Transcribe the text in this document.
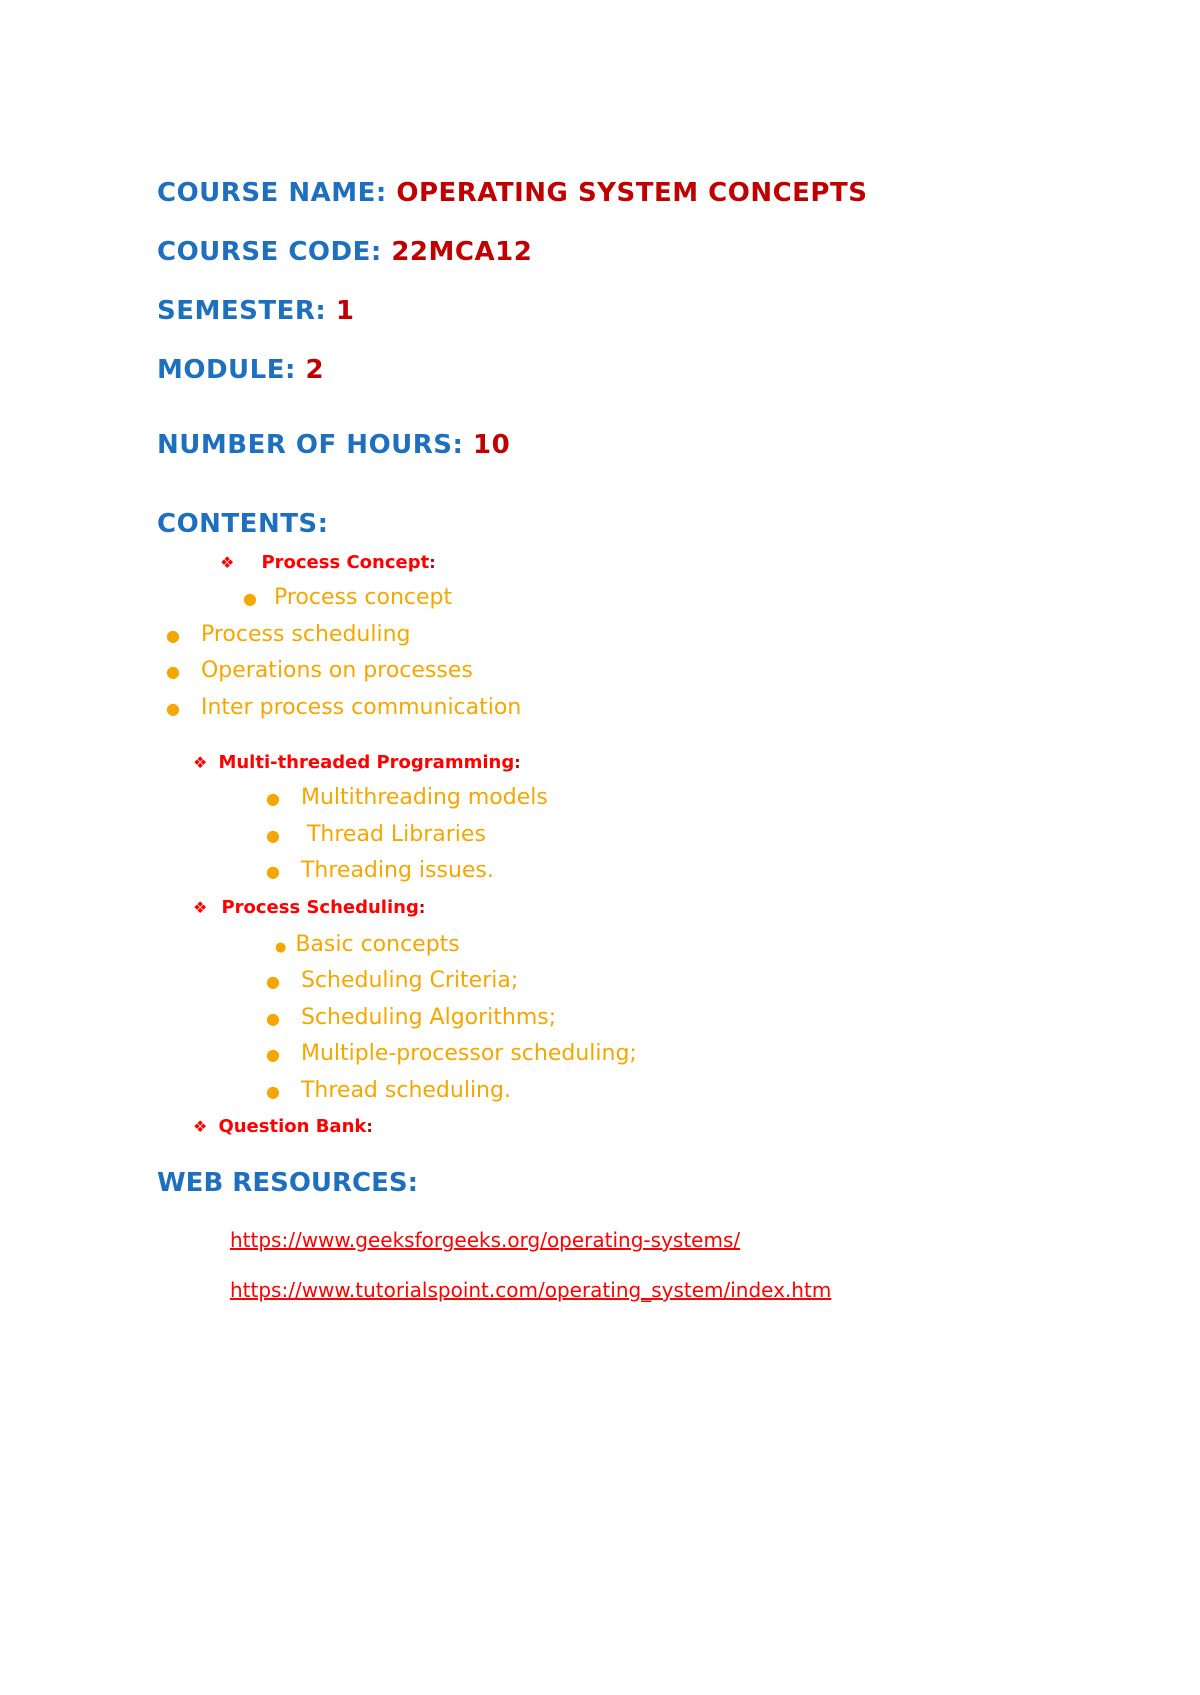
COURSE NAME: OPERATING SYSTEM CONCEPTS
COURSE CODE: 22MCA12
SEMESTER: 1
MODULE: 2
NUMBER OF HOURS: 10
CONTENTS:
❖ Process Concept:
● Process concept
● Process scheduling
● Operations on processes
● Inter process communication
❖ Multi-threaded Programming:
● Multithreading models
● Thread Libraries
● Threading issues.
❖ Process Scheduling:
● Basic concepts
● Scheduling Criteria;
● Scheduling Algorithms;
● Multiple-processor scheduling;
● Thread scheduling.
❖ Question Bank:
WEB RESOURCES:
https://www.geeksforgeeks.org/operating-systems/
https://www.tutorialspoint.com/operating_system/index.htm
